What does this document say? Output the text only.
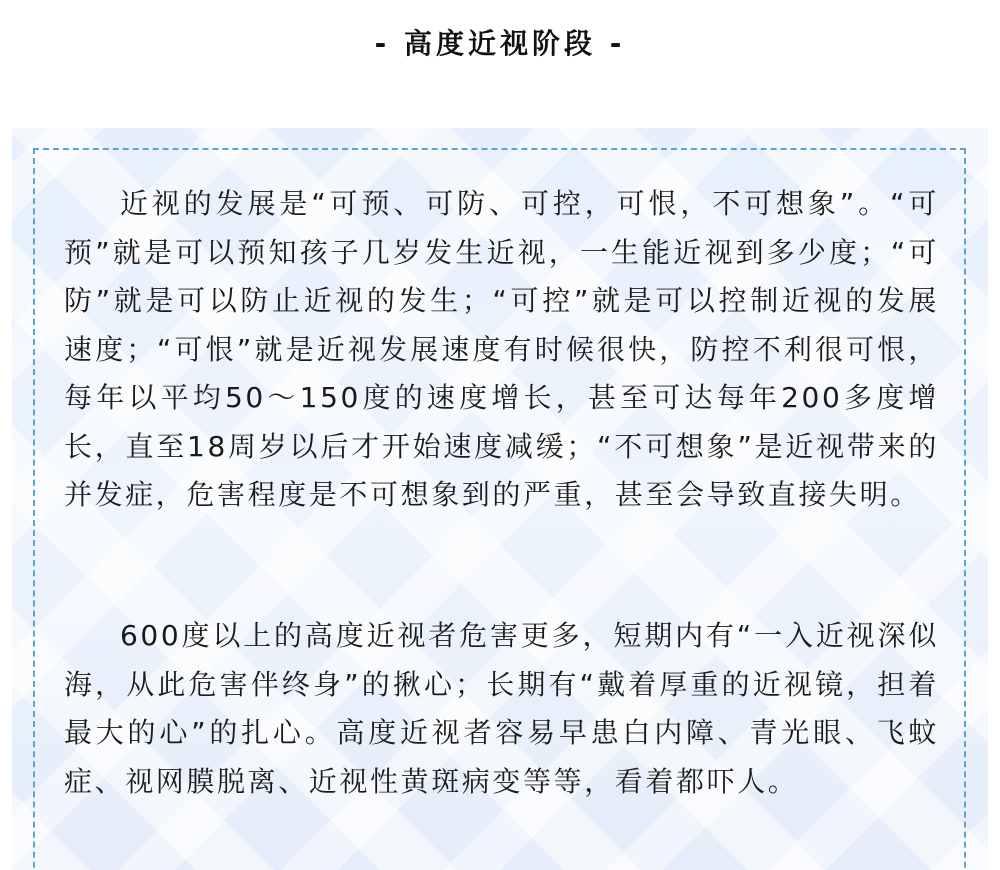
- 高度近视阶段 -

近视的发展是“可预、可防、可控，可恨，不可想象”。“可预”就是可以预知孩子几岁发生近视，一生能近视到多少度；“可防”就是可以防止近视的发生；“可控”就是可以控制近视的发展速度；“可恨”就是近视发展速度有时候很快，防控不利很可恨，每年以平均50～150度的速度增长，甚至可达每年200多度增长，直至18周岁以后才开始速度减缓；“不可想象”是近视带来的并发症，危害程度是不可想象到的严重，甚至会导致直接失明。

600度以上的高度近视者危害更多，短期内有“一入近视深似海，从此危害伴终身”的揪心；长期有“戴着厚重的近视镜，担着最大的心”的扎心。高度近视者容易早患白内障、青光眼、飞蚊症、视网膜脱离、近视性黄斑病变等等，看着都吓人。
